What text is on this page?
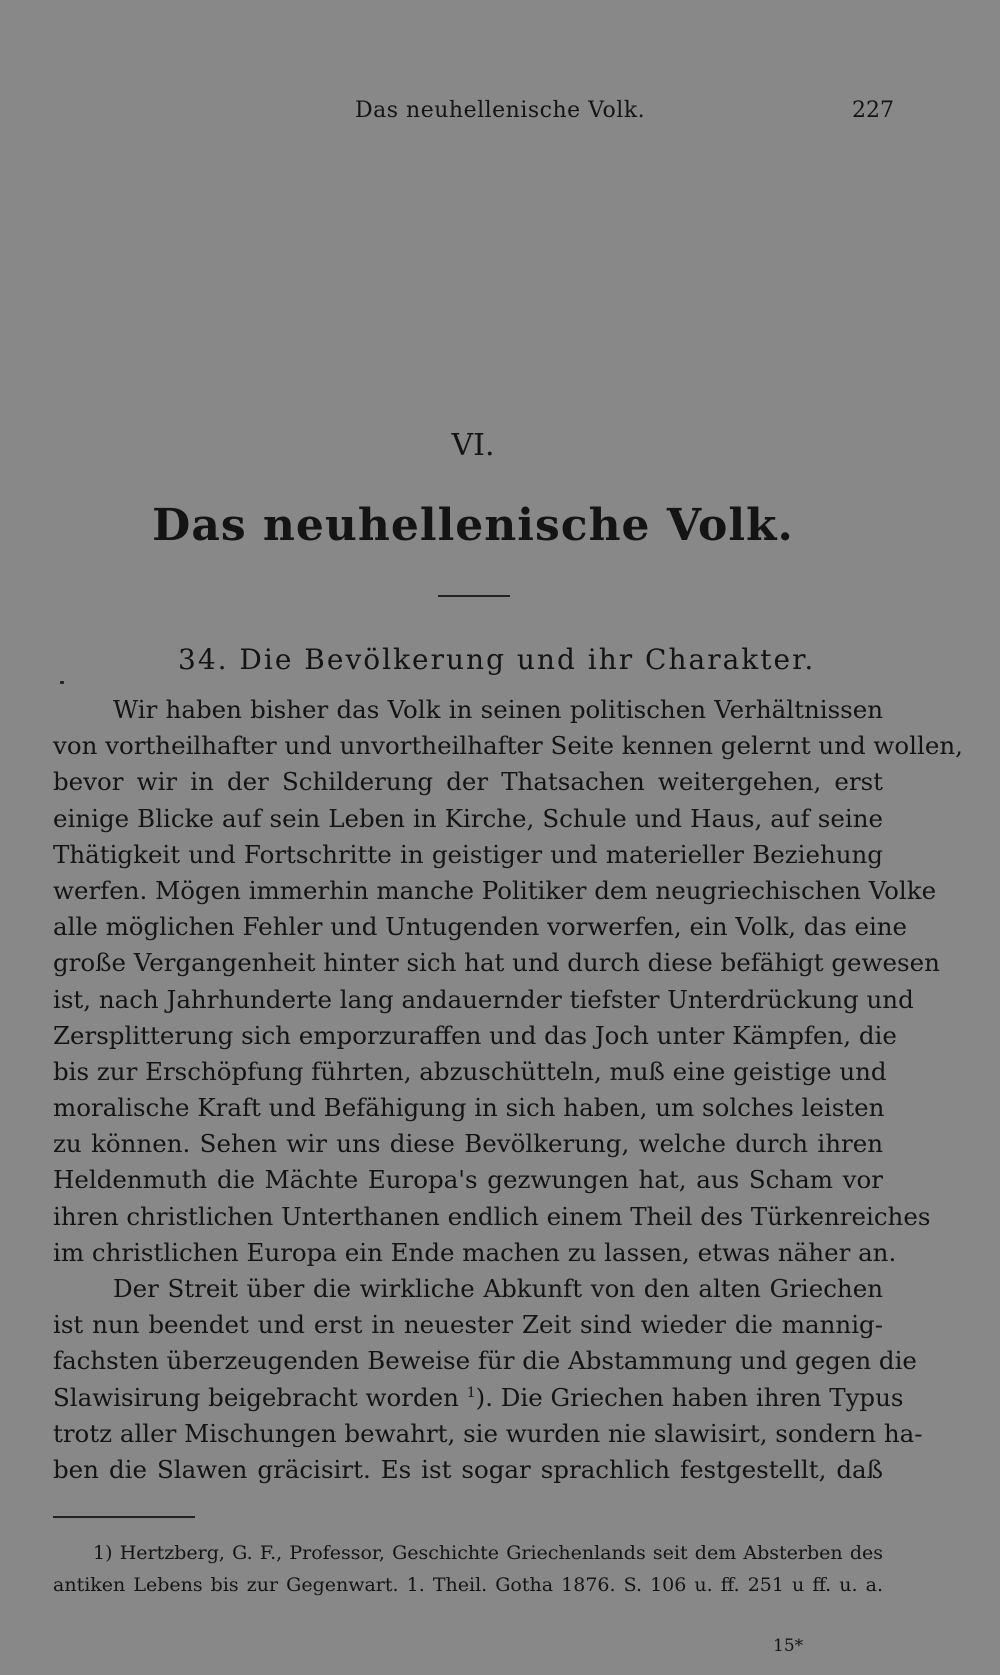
Das neuhellenische Volk.	227
VI.
Das neuhellenische Volk.
34. Die Bevölkerung und ihr Charakter.
Wir haben bisher das Volk in seinen politischen Verhältnissen
von vortheilhafter und unvortheilhafter Seite kennen gelernt und wollen,
bevor wir in der Schilderung der Thatsachen weitergehen, erst
einige Blicke auf sein Leben in Kirche, Schule und Haus, auf seine
Thätigkeit und Fortschritte in geistiger und materieller Beziehung
werfen. Mögen immerhin manche Politiker dem neugriechischen Volke
alle möglichen Fehler und Untugenden vorwerfen, ein Volk, das eine
große Vergangenheit hinter sich hat und durch diese befähigt gewesen
ist, nach Jahrhunderte lang andauernder tiefster Unterdrückung und
Zersplitterung sich emporzuraffen und das Joch unter Kämpfen, die
bis zur Erschöpfung führten, abzuschütteln, muß eine geistige und
moralische Kraft und Befähigung in sich haben, um solches leisten
zu können. Sehen wir uns diese Bevölkerung, welche durch ihren
Heldenmuth die Mächte Europa's gezwungen hat, aus Scham vor
ihren christlichen Unterthanen endlich einem Theil des Türkenreiches
im christlichen Europa ein Ende machen zu lassen, etwas näher an.
Der Streit über die wirkliche Abkunft von den alten Griechen
ist nun beendet und erst in neuester Zeit sind wieder die mannig-
fachsten überzeugenden Beweise für die Abstammung und gegen die
Slawisirung beigebracht worden $^1$). Die Griechen haben ihren Typus
trotz aller Mischungen bewahrt, sie wurden nie slawisirt, sondern ha-
ben die Slawen gräcisirt. Es ist sogar sprachlich festgestellt, daß
1) Hertzberg, G. F., Professor, Geschichte Griechenlands seit dem Absterben des
antiken Lebens bis zur Gegenwart. 1. Theil. Gotha 1876. S. 106 u. ff. 251 u ff. u. a.
15*
